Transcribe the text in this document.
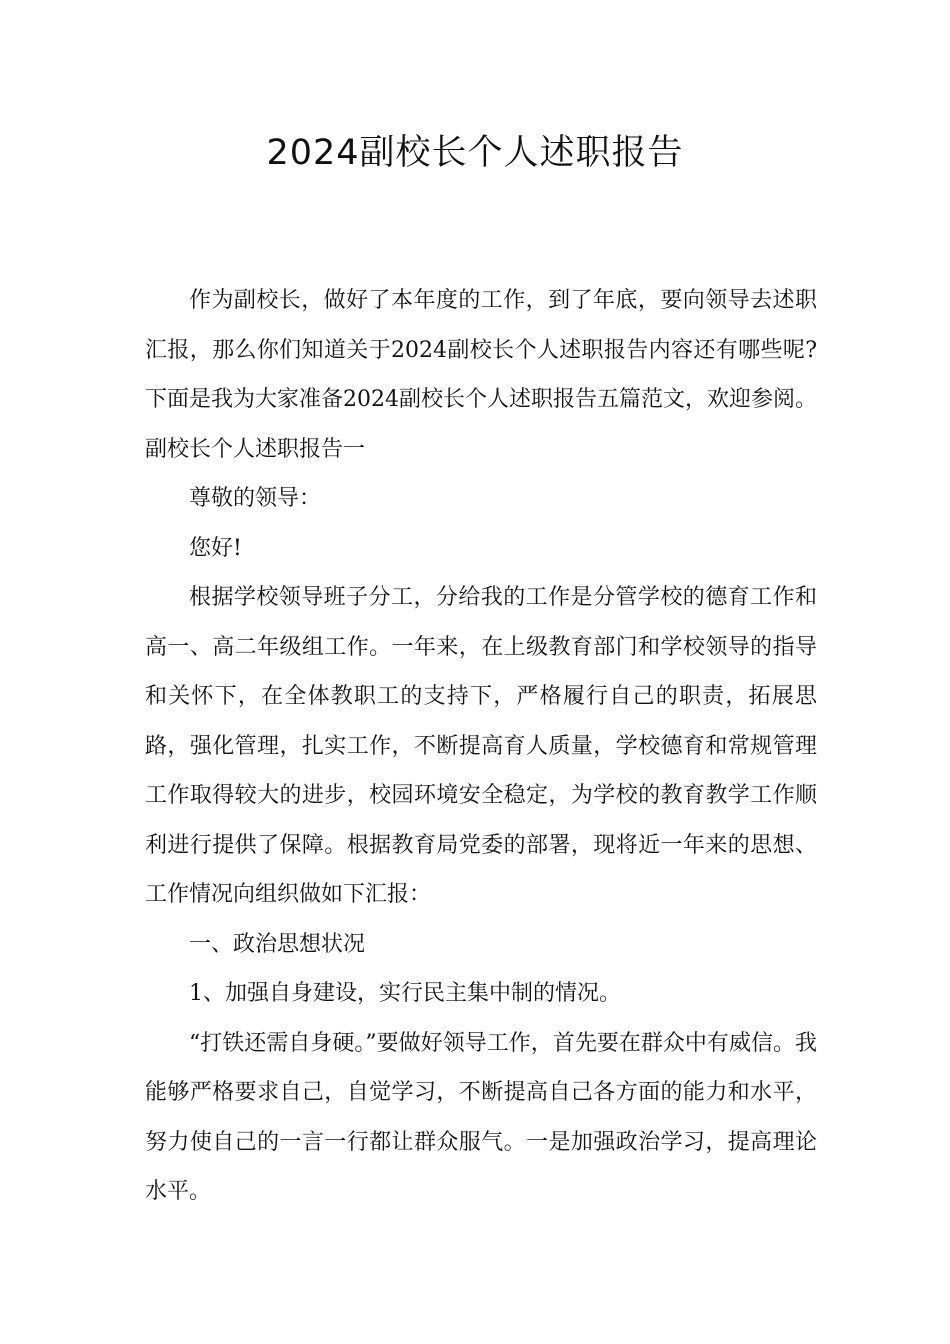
2024副校长个人述职报告

作为副校长，做好了本年度的工作，到了年底，要向领导去述职汇报，那么你们知道关于2024副校长个人述职报告内容还有哪些呢?下面是我为大家准备2024副校长个人述职报告五篇范文，欢迎参阅。副校长个人述职报告一

尊敬的领导：

您好!

根据学校领导班子分工，分给我的工作是分管学校的德育工作和高一、高二年级组工作。一年来，在上级教育部门和学校领导的指导和关怀下，在全体教职工的支持下，严格履行自己的职责，拓展思路，强化管理，扎实工作，不断提高育人质量，学校德育和常规管理工作取得较大的进步，校园环境安全稳定，为学校的教育教学工作顺利进行提供了保障。根据教育局党委的部署，现将近一年来的思想、工作情况向组织做如下汇报：

一、政治思想状况

1、加强自身建设，实行民主集中制的情况。

“打铁还需自身硬。”要做好领导工作，首先要在群众中有威信。我能够严格要求自己，自觉学习，不断提高自己各方面的能力和水平，努力使自己的一言一行都让群众服气。一是加强政治学习，提高理论水平。
